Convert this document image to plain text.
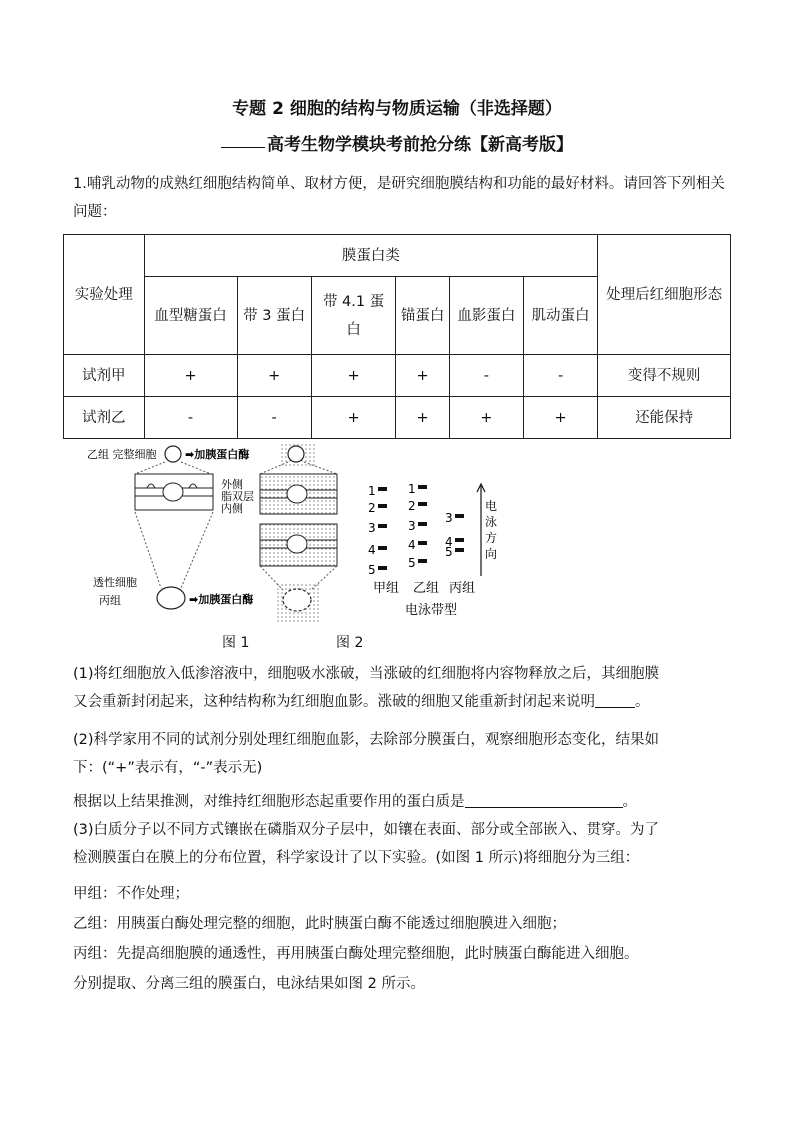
专题 2 细胞的结构与物质运输（非选择题）
高考生物学模块考前抢分练【新高考版】
1.哺乳动物的成熟红细胞结构简单、取材方便，是研究细胞膜结构和功能的最好材料。请回答下列相关问题：
实验处理	膜蛋白类						处理后红细胞形态
	血型糖蛋白	带 3 蛋白	带 4.1 蛋白	锚蛋白	血影蛋白	肌动蛋白	
试剂甲	+	+	+	+	-	-	变得不规则
试剂乙	-	-	+	+	+	+	还能保持
乙组 完整细胞	➡加胰蛋白酶
外侧
脂双层
内侧
透性细胞
丙组	➡加胰蛋白酶
1
2
3
4
5
1
2
3
4
5
3
4
5
电
泳
方
向
甲组 乙组 丙组
电泳带型
图 1	图 2
(1)将红细胞放入低渗溶液中，细胞吸水涨破，当涨破的红细胞将内容物释放之后，其细胞膜
又会重新封闭起来，这种结构称为红细胞血影。涨破的细胞又能重新封闭起来说明	。
(2)科学家用不同的试剂分别处理红细胞血影，去除部分膜蛋白，观察细胞形态变化，结果如
下：(“+”表示有，“-”表示无)
根据以上结果推测，对维持红细胞形态起重要作用的蛋白质是	。
(3)白质分子以不同方式镶嵌在磷脂双分子层中，如镶在表面、部分或全部嵌入、贯穿。为了
检测膜蛋白在膜上的分布位置，科学家设计了以下实验。(如图 1 所示)将细胞分为三组：
甲组：不作处理；
乙组：用胰蛋白酶处理完整的细胞，此时胰蛋白酶不能透过细胞膜进入细胞；
丙组：先提高细胞膜的通透性，再用胰蛋白酶处理完整细胞，此时胰蛋白酶能进入细胞。
分别提取、分离三组的膜蛋白，电泳结果如图 2 所示。
